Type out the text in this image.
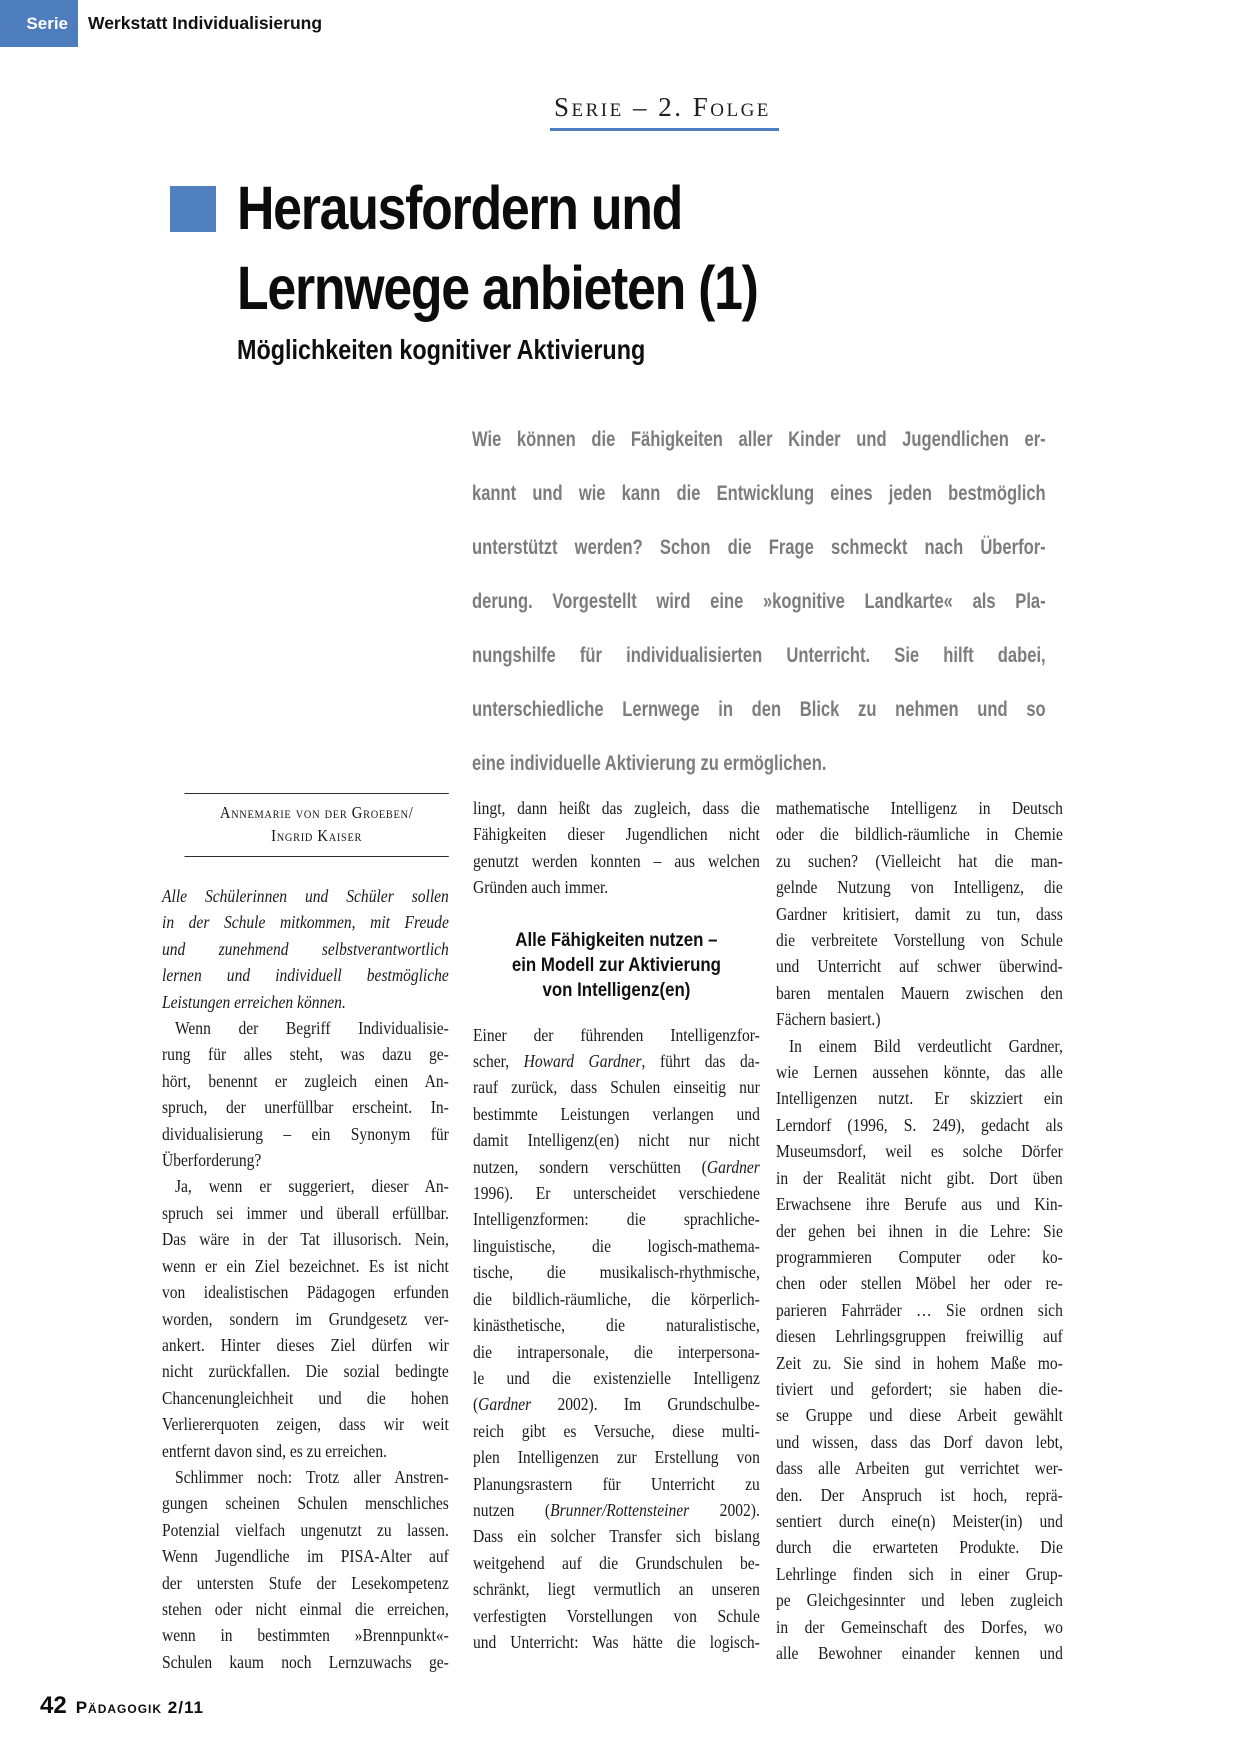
Serie Werkstatt Individualisierung
Serie – 2. Folge
Herausfordern und
Lernwege anbieten (1)
Möglichkeiten kognitiver Aktivierung
Wie können die Fähigkeiten aller Kinder und Jugendlichen er-
kannt und wie kann die Entwicklung eines jeden bestmöglich
unterstützt werden? Schon die Frage schmeckt nach Überfor-
derung. Vorgestellt wird eine »kognitive Landkarte« als Pla-
nungshilfe für individualisierten Unterricht. Sie hilft dabei,
unterschiedliche Lernwege in den Blick zu nehmen und so
eine individuelle Aktivierung zu ermöglichen.
Annemarie von der Groeben/
Ingrid Kaiser
Alle Schülerinnen und Schüler sollen
in der Schule mitkommen, mit Freude
und zunehmend selbstverantwortlich
lernen und individuell bestmögliche
Leistungen erreichen können.
Wenn der Begriff Individualisie-
rung für alles steht, was dazu ge-
hört, benennt er zugleich einen An-
spruch, der unerfüllbar erscheint. In-
dividualisierung – ein Synonym für
Überforderung?
Ja, wenn er suggeriert, dieser An-
spruch sei immer und überall erfüllbar.
Das wäre in der Tat illusorisch. Nein,
wenn er ein Ziel bezeichnet. Es ist nicht
von idealistischen Pädagogen erfunden
worden, sondern im Grundgesetz ver-
ankert. Hinter dieses Ziel dürfen wir
nicht zurückfallen. Die sozial bedingte
Chancenungleichheit und die hohen
Verliererquoten zeigen, dass wir weit
entfernt davon sind, es zu erreichen.
Schlimmer noch: Trotz aller Anstren-
gungen scheinen Schulen menschliches
Potenzial vielfach ungenutzt zu lassen.
Wenn Jugendliche im PISA-Alter auf
der untersten Stufe der Lesekompetenz
stehen oder nicht einmal die erreichen,
wenn in bestimmten »Brennpunkt«-
Schulen kaum noch Lernzuwachs ge-
lingt, dann heißt das zugleich, dass die
Fähigkeiten dieser Jugendlichen nicht
genutzt werden konnten – aus welchen
Gründen auch immer.
Alle Fähigkeiten nutzen –
ein Modell zur Aktivierung
von Intelligenz(en)
Einer der führenden Intelligenzfor-
scher, Howard Gardner, führt das da-
rauf zurück, dass Schulen einseitig nur
bestimmte Leistungen verlangen und
damit Intelligenz(en) nicht nur nicht
nutzen, sondern verschütten (Gardner
1996). Er unterscheidet verschiedene
Intelligenzformen: die sprachliche-
linguistische, die logisch-mathema-
tische, die musikalisch-rhythmische,
die bildlich-räumliche, die körperlich-
kinästhetische, die naturalistische,
die intrapersonale, die interpersona-
le und die existenzielle Intelligenz
(Gardner 2002). Im Grundschulbe-
reich gibt es Versuche, diese multi-
plen Intelligenzen zur Erstellung von
Planungsrastern für Unterricht zu
nutzen (Brunner/Rottensteiner 2002).
Dass ein solcher Transfer sich bislang
weitgehend auf die Grundschulen be-
schränkt, liegt vermutlich an unseren
verfestigten Vorstellungen von Schule
und Unterricht: Was hätte die logisch-
mathematische Intelligenz in Deutsch
oder die bildlich-räumliche in Chemie
zu suchen? (Vielleicht hat die man-
gelnde Nutzung von Intelligenz, die
Gardner kritisiert, damit zu tun, dass
die verbreitete Vorstellung von Schule
und Unterricht auf schwer überwind-
baren mentalen Mauern zwischen den
Fächern basiert.)
In einem Bild verdeutlicht Gardner,
wie Lernen aussehen könnte, das alle
Intelligenzen nutzt. Er skizziert ein
Lerndorf (1996, S. 249), gedacht als
Museumsdorf, weil es solche Dörfer
in der Realität nicht gibt. Dort üben
Erwachsene ihre Berufe aus und Kin-
der gehen bei ihnen in die Lehre: Sie
programmieren Computer oder ko-
chen oder stellen Möbel her oder re-
parieren Fahrräder … Sie ordnen sich
diesen Lehrlingsgruppen freiwillig auf
Zeit zu. Sie sind in hohem Maße mo-
tiviert und gefordert; sie haben die-
se Gruppe und diese Arbeit gewählt
und wissen, dass das Dorf davon lebt,
dass alle Arbeiten gut verrichtet wer-
den. Der Anspruch ist hoch, reprä-
sentiert durch eine(n) Meister(in) und
durch die erwarteten Produkte. Die
Lehrlinge finden sich in einer Grup-
pe Gleichgesinnter und leben zugleich
in der Gemeinschaft des Dorfes, wo
alle Bewohner einander kennen und
42 Pädagogik 2/11
